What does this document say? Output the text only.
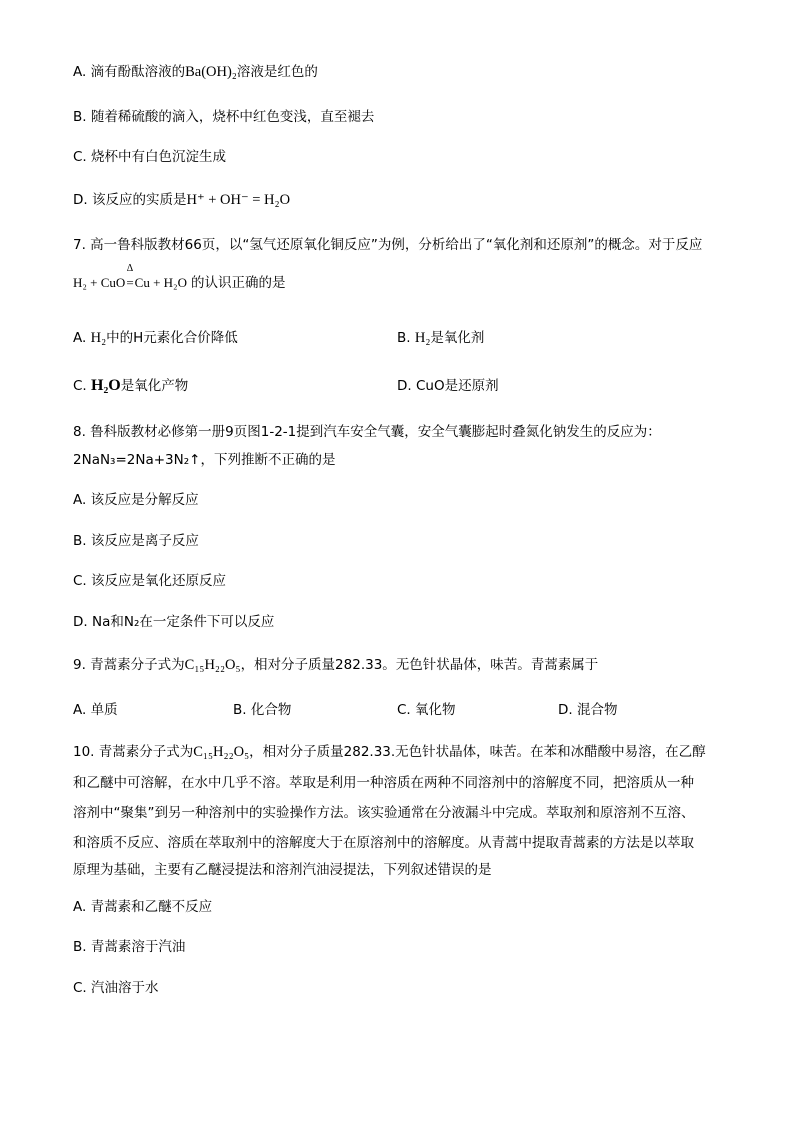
A. 滴有酚酞溶液的Ba(OH)₂溶液是红色的
B. 随着稀硫酸的滴入，烧杯中红色变浅，直至褪去
C. 烧杯中有白色沉淀生成
D. 该反应的实质是H⁺ + OH⁻ = H₂O
7. 高一鲁科版教材66页，以“氢气还原氧化铜反应”为例，分析给出了“氧化剂和还原剂”的概念。对于反应
H₂ + CuO
Δ
=Cu + H₂O 的认识正确的是
A. H₂中的H元素化合价降低	B. H₂是氧化剂
C. H₂O是氧化产物	D. CuO是还原剂
8. 鲁科版教材必修第一册9页图1-2-1提到汽车安全气囊，安全气囊膨起时叠氮化钠发生的反应为：
2NaN₃=2Na+3N₂↑，下列推断不正确的是
A. 该反应是分解反应
B. 该反应是离子反应
C. 该反应是氧化还原反应
D. Na和N₂在一定条件下可以反应
9. 青蒿素分子式为C₁₅H₂₂O₅，相对分子质量282.33。无色针状晶体，味苦。青蒿素属于
A. 单质	B. 化合物	C. 氧化物	D. 混合物
10. 青蒿素分子式为C₁₅H₂₂O₅，相对分子质量282.33.无色针状晶体，味苦。在苯和冰醋酸中易溶，在乙醇
和乙醚中可溶解，在水中几乎不溶。萃取是利用一种溶质在两种不同溶剂中的溶解度不同，把溶质从一种
溶剂中“聚集”到另一种溶剂中的实验操作方法。该实验通常在分液漏斗中完成。萃取剂和原溶剂不互溶、
和溶质不反应、溶质在萃取剂中的溶解度大于在原溶剂中的溶解度。从青蒿中提取青蒿素的方法是以萃取
原理为基础，主要有乙醚浸提法和溶剂汽油浸提法，下列叙述错误的是
A. 青蒿素和乙醚不反应
B. 青蒿素溶于汽油
C. 汽油溶于水
